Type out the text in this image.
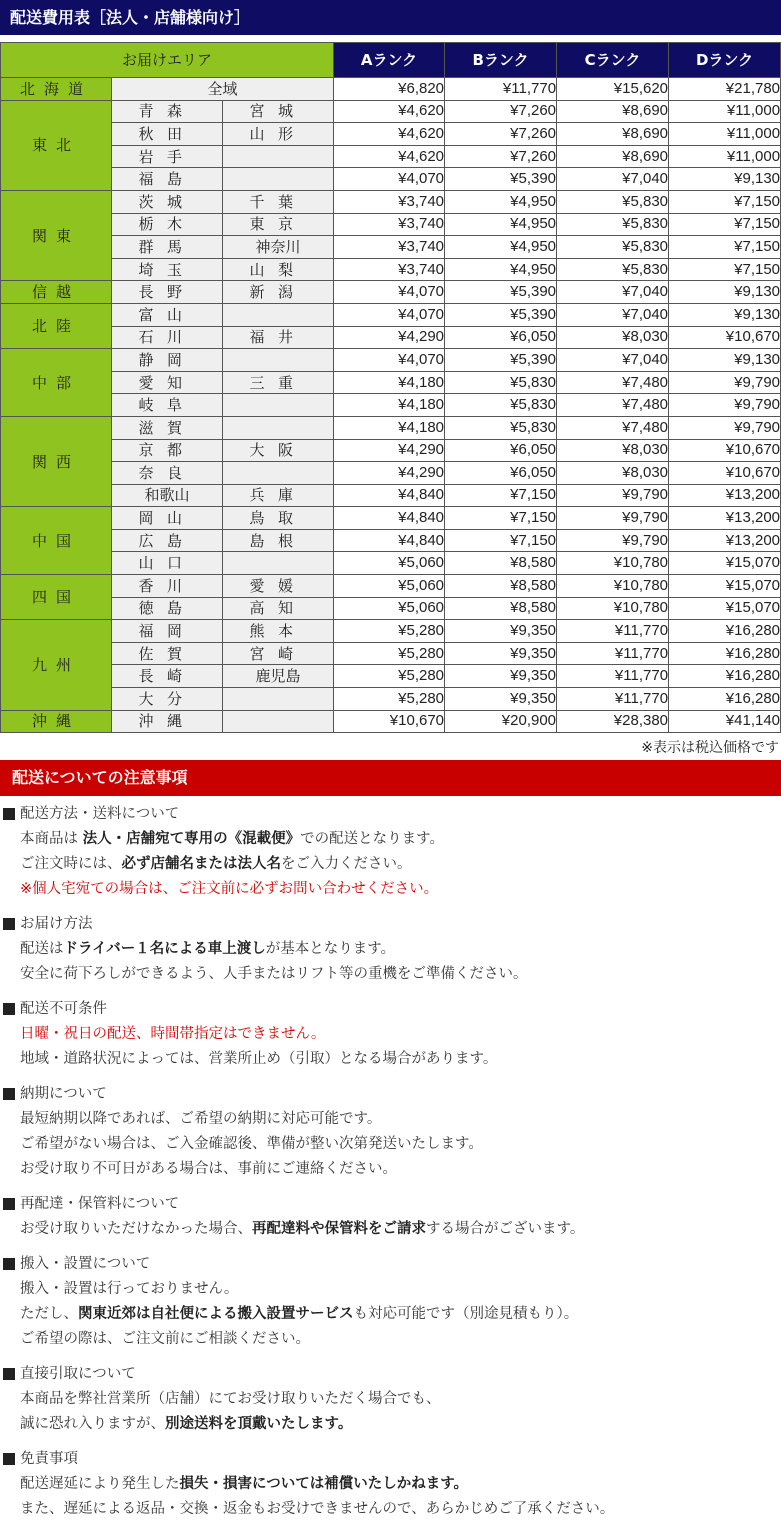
配送費用表［法人・店舗様向け］
お届けエリア			Aランク	Bランク	Cランク	Dランク
北海道	全域		¥6,820	¥11,770	¥15,620	¥21,780
東北	青森	宮城	¥4,620	¥7,260	¥8,690	¥11,000
	秋田	山形	¥4,620	¥7,260	¥8,690	¥11,000
	岩手		¥4,620	¥7,260	¥8,690	¥11,000
	福島		¥4,070	¥5,390	¥7,040	¥9,130
関東	茨城	千葉	¥3,740	¥4,950	¥5,830	¥7,150
	栃木	東京	¥3,740	¥4,950	¥5,830	¥7,150
	群馬	神奈川	¥3,740	¥4,950	¥5,830	¥7,150
	埼玉	山梨	¥3,740	¥4,950	¥5,830	¥7,150
信越	長野	新潟	¥4,070	¥5,390	¥7,040	¥9,130
北陸	富山		¥4,070	¥5,390	¥7,040	¥9,130
	石川	福井	¥4,290	¥6,050	¥8,030	¥10,670
中部	静岡		¥4,070	¥5,390	¥7,040	¥9,130
	愛知	三重	¥4,180	¥5,830	¥7,480	¥9,790
	岐阜		¥4,180	¥5,830	¥7,480	¥9,790
関西	滋賀		¥4,180	¥5,830	¥7,480	¥9,790
	京都	大阪	¥4,290	¥6,050	¥8,030	¥10,670
	奈良		¥4,290	¥6,050	¥8,030	¥10,670
	和歌山	兵庫	¥4,840	¥7,150	¥9,790	¥13,200
中国	岡山	鳥取	¥4,840	¥7,150	¥9,790	¥13,200
	広島	島根	¥4,840	¥7,150	¥9,790	¥13,200
	山口		¥5,060	¥8,580	¥10,780	¥15,070
四国	香川	愛媛	¥5,060	¥8,580	¥10,780	¥15,070
	徳島	高知	¥5,060	¥8,580	¥10,780	¥15,070
九州	福岡	熊本	¥5,280	¥9,350	¥11,770	¥16,280
	佐賀	宮崎	¥5,280	¥9,350	¥11,770	¥16,280
	長崎	鹿児島	¥5,280	¥9,350	¥11,770	¥16,280
	大分		¥5,280	¥9,350	¥11,770	¥16,280
沖縄	沖縄		¥10,670	¥20,900	¥28,380	¥41,140
※表示は税込価格です
配送についての注意事項
配送方法・送料について
本商品は 法人・店舗宛て専用の《混載便》での配送となります。
ご注文時には、必ず店舗名または法人名をご入力ください。
※個人宅宛ての場合は、ご注文前に必ずお問い合わせください。
お届け方法
配送はドライバー１名による車上渡しが基本となります。
安全に荷下ろしができるよう、人手またはリフト等の重機をご準備ください。
配送不可条件
日曜・祝日の配送、時間帯指定はできません。
地域・道路状況によっては、営業所止め（引取）となる場合があります。
納期について
最短納期以降であれば、ご希望の納期に対応可能です。
ご希望がない場合は、ご入金確認後、準備が整い次第発送いたします。
お受け取り不可日がある場合は、事前にご連絡ください。
再配達・保管料について
お受け取りいただけなかった場合、再配達料や保管料をご請求する場合がございます。
搬入・設置について
搬入・設置は行っておりません。
ただし、関東近郊は自社便による搬入設置サービスも対応可能です（別途見積もり）。
ご希望の際は、ご注文前にご相談ください。
直接引取について
本商品を弊社営業所（店舗）にてお受け取りいただく場合でも、
誠に恐れ入りますが、別途送料を頂戴いたします。
免責事項
配送遅延により発生した損失・損害については補償いたしかねます。
また、遅延による返品・交換・返金もお受けできませんので、あらかじめご了承ください。
